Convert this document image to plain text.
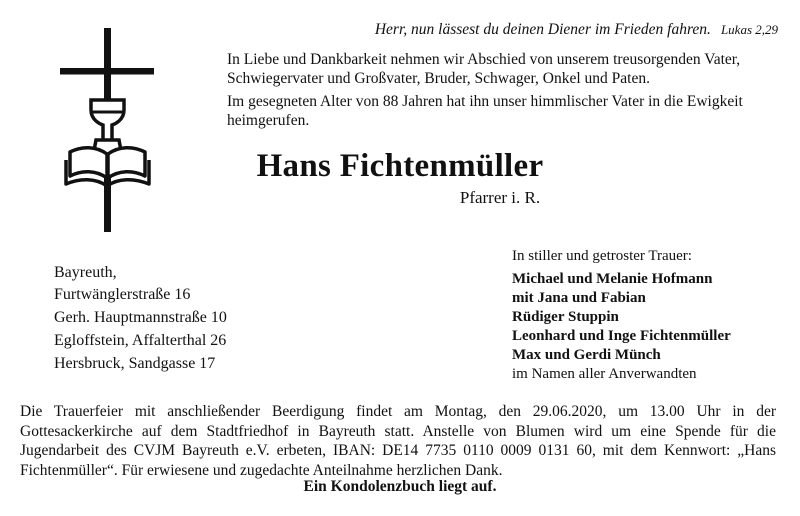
Herr, nun lässest du deinen Diener im Frieden fahren. Lukas 2,29
In Liebe und Dankbarkeit nehmen wir Abschied von unserem treusorgenden Vater, Schwiegervater und Großvater, Bruder, Schwager, Onkel und Paten.
Im gesegneten Alter von 88 Jahren hat ihn unser himmlischer Vater in die Ewigkeit heimgerufen.
Hans Fichtenmüller
Pfarrer i. R.
Bayreuth,
Furtwänglerstraße 16
Gerh. Hauptmannstraße 10
Egloffstein, Affalterthal 26
Hersbruck, Sandgasse 17
In stiller und getroster Trauer:
Michael und Melanie Hofmann
mit Jana und Fabian
Rüdiger Stuppin
Leonhard und Inge Fichtenmüller
Max und Gerdi Münch
im Namen aller Anverwandten
Die Trauerfeier mit anschließender Beerdigung findet am Montag, den 29.06.2020, um 13.00 Uhr in der Gottesackerkirche auf dem Stadtfriedhof in Bayreuth statt. Anstelle von Blumen wird um eine Spende für die Jugendarbeit des CVJM Bayreuth e.V. erbeten, IBAN: DE14 7735 0110 0009 0131 60, mit dem Kennwort: „Hans Fichtenmüller“. Für erwiesene und zugedachte Anteilnahme herzlichen Dank.
Ein Kondolenzbuch liegt auf.
